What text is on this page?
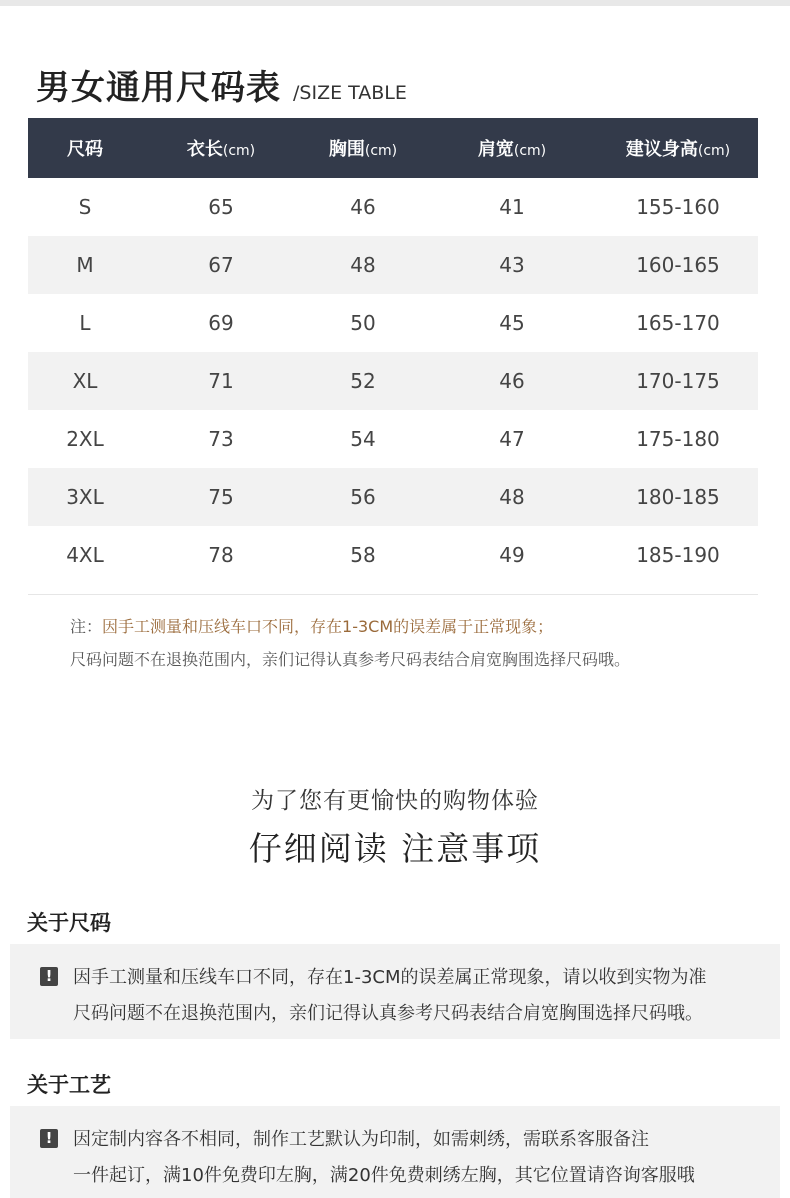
男女通用尺码表 /SIZE TABLE
尺码	衣长(cm)	胸围(cm)	肩宽(cm)	建议身高(cm)
S	65	46	41	155-160
M	67	48	43	160-165
L	69	50	45	165-170
XL	71	52	46	170-175
2XL	73	54	47	175-180
3XL	75	56	48	180-185
4XL	78	58	49	185-190
注：因手工测量和压线车口不同，存在1-3CM的误差属于正常现象；
尺码问题不在退换范围内，亲们记得认真参考尺码表结合肩宽胸围选择尺码哦。
为了您有更愉快的购物体验
仔细阅读 注意事项
关于尺码
!	因手工测量和压线车口不同，存在1-3CM的误差属正常现象，请以收到实物为准
尺码问题不在退换范围内，亲们记得认真参考尺码表结合肩宽胸围选择尺码哦。
关于工艺
!	因定制内容各不相同，制作工艺默认为印制，如需刺绣，需联系客服备注
一件起订，满10件免费印左胸，满20件免费刺绣左胸，其它位置请咨询客服哦
